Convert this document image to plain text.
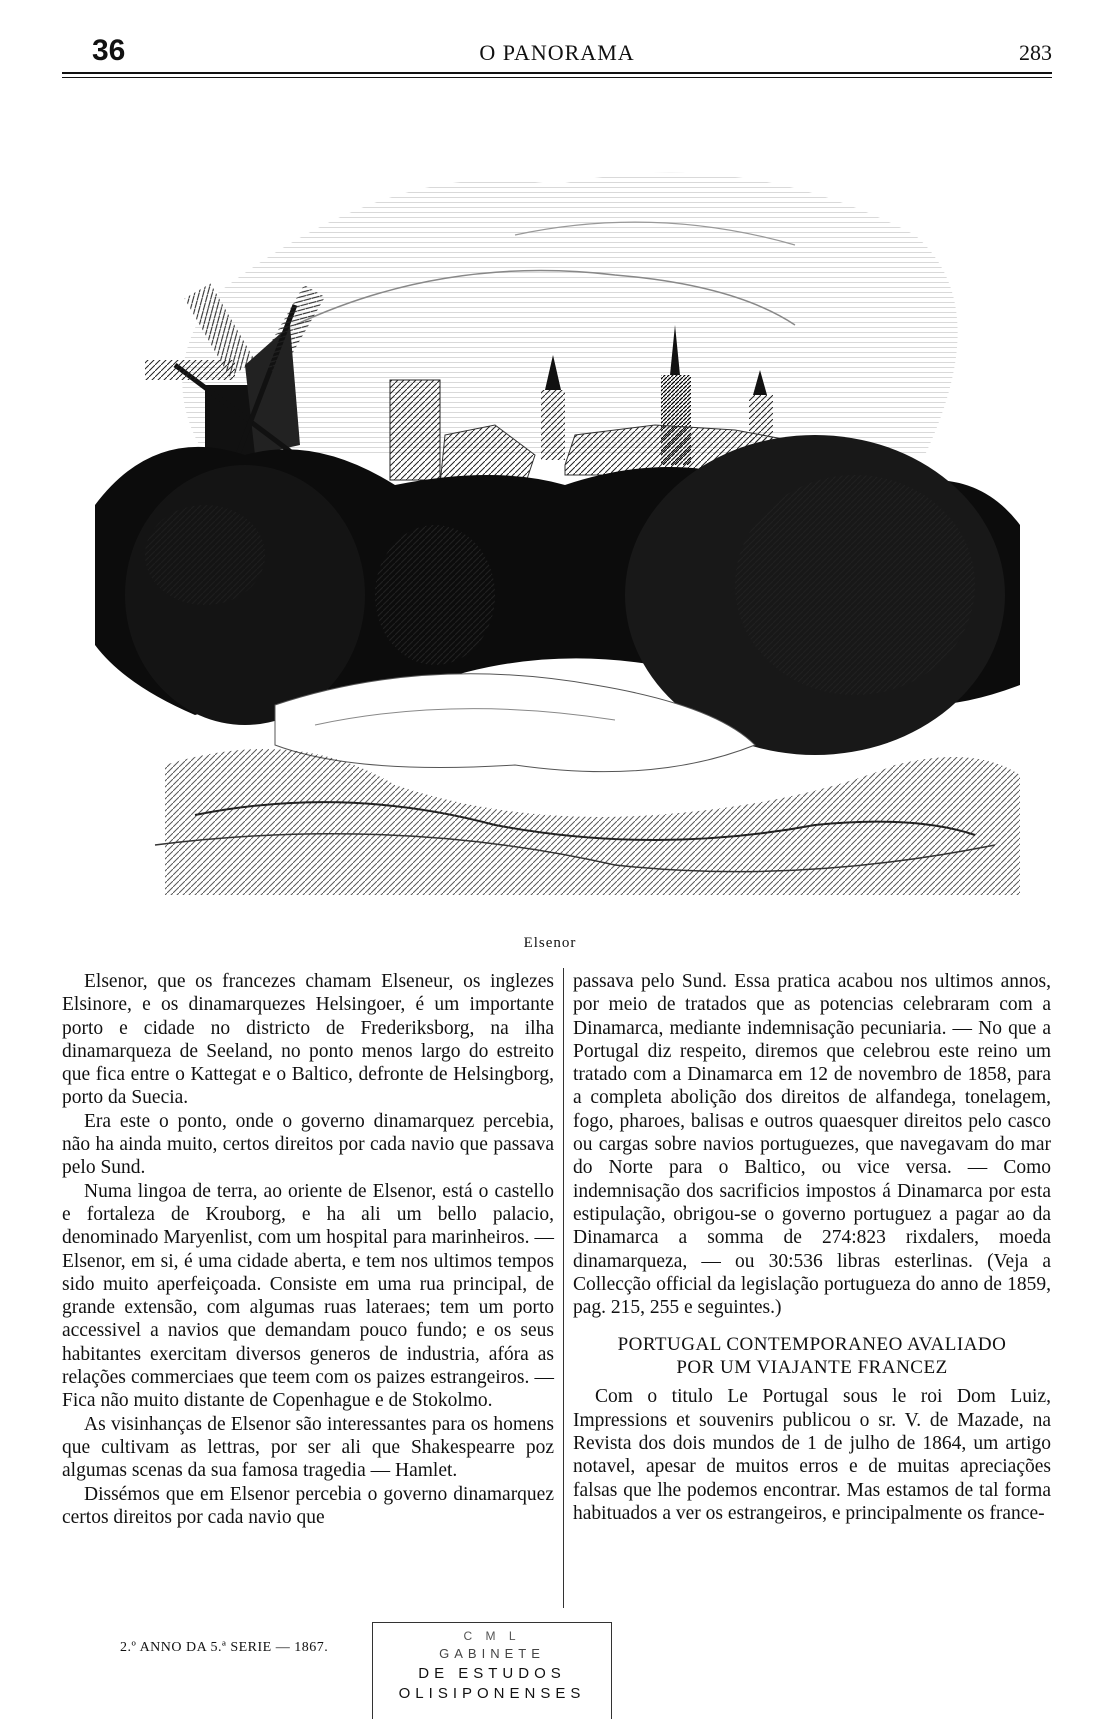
36	O PANORAMA	283
Elsenor

Elsenor, que os francezes chamam Elseneur, os inglezes Elsinore, e os dinamarquezes Helsingoer, é um importante porto e cidade no districto de Frederiksborg, na ilha dinamarqueza de Seeland, no ponto menos largo do estreito que fica entre o Kattegat e o Baltico, defronte de Helsingborg, porto da Suecia.

Era este o ponto, onde o governo dinamarquez percebia, não ha ainda muito, certos direitos por cada navio que passava pelo Sund.

Numa lingoa de terra, ao oriente de Elsenor, está o castello e fortaleza de Krouborg, e ha ali um bello palacio, denominado Maryenlist, com um hospital para marinheiros. — Elsenor, em si, é uma cidade aberta, e tem nos ultimos tempos sido muito aperfeiçoada. Consiste em uma rua principal, de grande extensão, com algumas ruas lateraes; tem um porto accessivel a navios que demandam pouco fundo; e os seus habitantes exercitam diversos generos de industria, afóra as relações commerciaes que teem com os paizes estrangeiros. — Fica não muito distante de Copenhague e de Stokolmo.

As visinhanças de Elsenor são interessantes para os homens que cultivam as lettras, por ser ali que Shakespearre poz algumas scenas da sua famosa tragedia — Hamlet.

Dissémos que em Elsenor percebia o governo dinamarquez certos direitos por cada navio que

passava pelo Sund. Essa pratica acabou nos ultimos annos, por meio de tratados que as potencias celebraram com a Dinamarca, mediante indemnisação pecuniaria. — No que a Portugal diz respeito, diremos que celebrou este reino um tratado com a Dinamarca em 12 de novembro de 1858, para a completa abolição dos direitos de alfandega, tonelagem, fogo, pharoes, balisas e outros quaesquer direitos pelo casco ou cargas sobre navios portuguezes, que navegavam do mar do Norte para o Baltico, ou vice versa. — Como indemnisação dos sacrificios impostos á Dinamarca por esta estipulação, obrigou-se o governo portuguez a pagar ao da Dinamarca a somma de 274:823 rixdalers, moeda dinamarqueza, — ou 30:536 libras esterlinas. (Veja a Collecção official da legislação portugueza do anno de 1859, pag. 215, 255 e seguintes.)

PORTUGAL CONTEMPORANEO AVALIADO
POR UM VIAJANTE FRANCEZ

Com o titulo Le Portugal sous le roi Dom Luiz, Impressions et souvenirs publicou o sr. V. de Mazade, na Revista dos dois mundos de 1 de julho de 1864, um artigo notavel, apesar de muitos erros e de muitas apreciações falsas que lhe podemos encontrar. Mas estamos de tal forma habituados a ver os estrangeiros, e principalmente os france-

2.º ANNO DA 5.ª SERIE — 1867.
C M L
GABINETE
DE ESTUDOS
OLISIPONENSES
